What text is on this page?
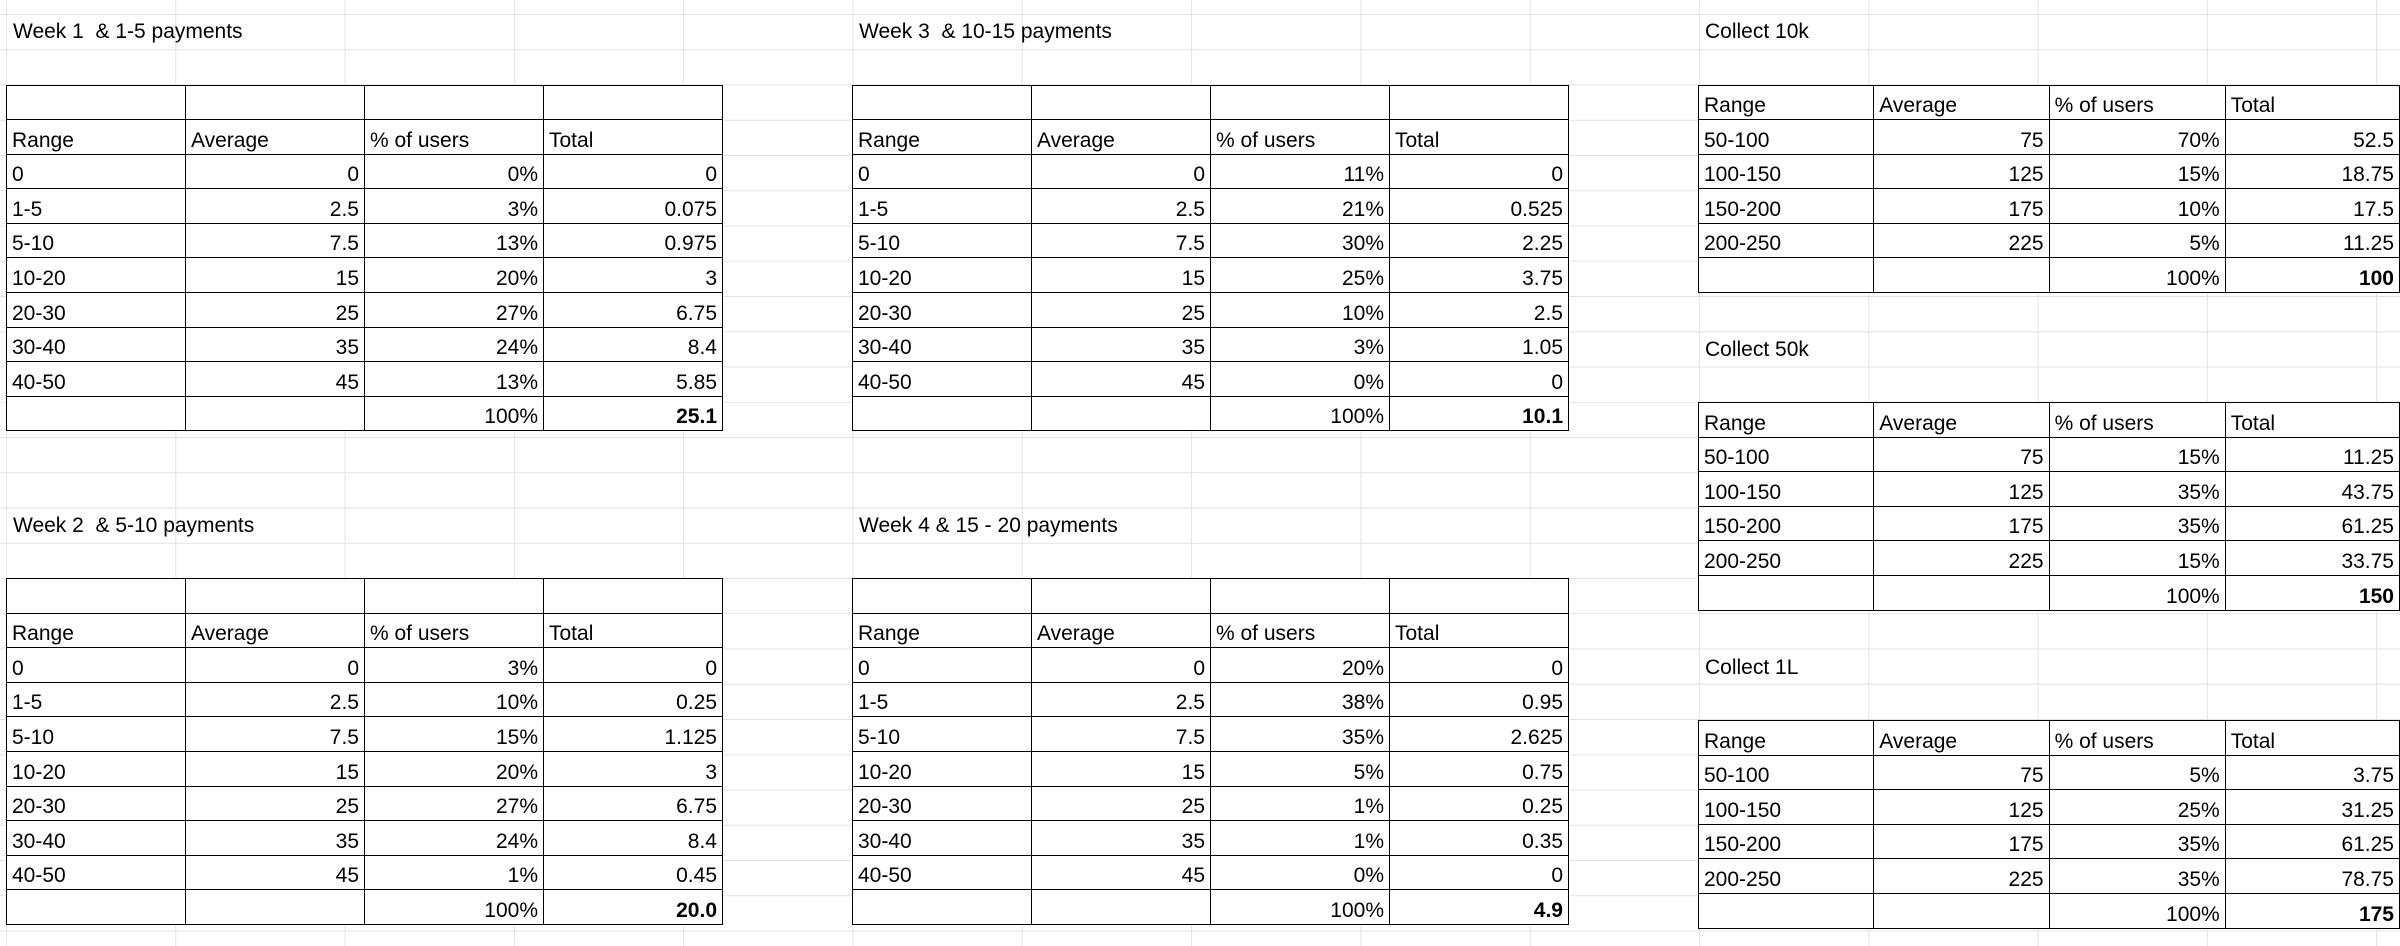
Week 1  & 1-5 payments

Range	Average	% of users	Total
0	0	0%	0
1-5	2.5	3%	0.075
5-10	7.5	13%	0.975
10-20	15	20%	3
20-30	25	27%	6.75
30-40	35	24%	8.4
40-50	45	13%	5.85
		100%	25.1
Week 3  & 10-15 payments

Range	Average	% of users	Total
0	0	11%	0
1-5	2.5	21%	0.525
5-10	7.5	30%	2.25
10-20	15	25%	3.75
20-30	25	10%	2.5
30-40	35	3%	1.05
40-50	45	0%	0
		100%	10.1
Collect 10k
Range	Average	% of users	Total
50-100	75	70%	52.5
100-150	125	15%	18.75
150-200	175	10%	17.5
200-250	225	5%	11.25
		100%	100
Collect 50k
Range	Average	% of users	Total
50-100	75	15%	11.25
100-150	125	35%	43.75
150-200	175	35%	61.25
200-250	225	15%	33.75
		100%	150
Week 2  & 5-10 payments

Range	Average	% of users	Total
0	0	3%	0
1-5	2.5	10%	0.25
5-10	7.5	15%	1.125
10-20	15	20%	3
20-30	25	27%	6.75
30-40	35	24%	8.4
40-50	45	1%	0.45
		100%	20.0
Week 4 & 15 - 20 payments

Range	Average	% of users	Total
0	0	20%	0
1-5	2.5	38%	0.95
5-10	7.5	35%	2.625
10-20	15	5%	0.75
20-30	25	1%	0.25
30-40	35	1%	0.35
40-50	45	0%	0
		100%	4.9
Collect 1L
Range	Average	% of users	Total
50-100	75	5%	3.75
100-150	125	25%	31.25
150-200	175	35%	61.25
200-250	225	35%	78.75
		100%	175
